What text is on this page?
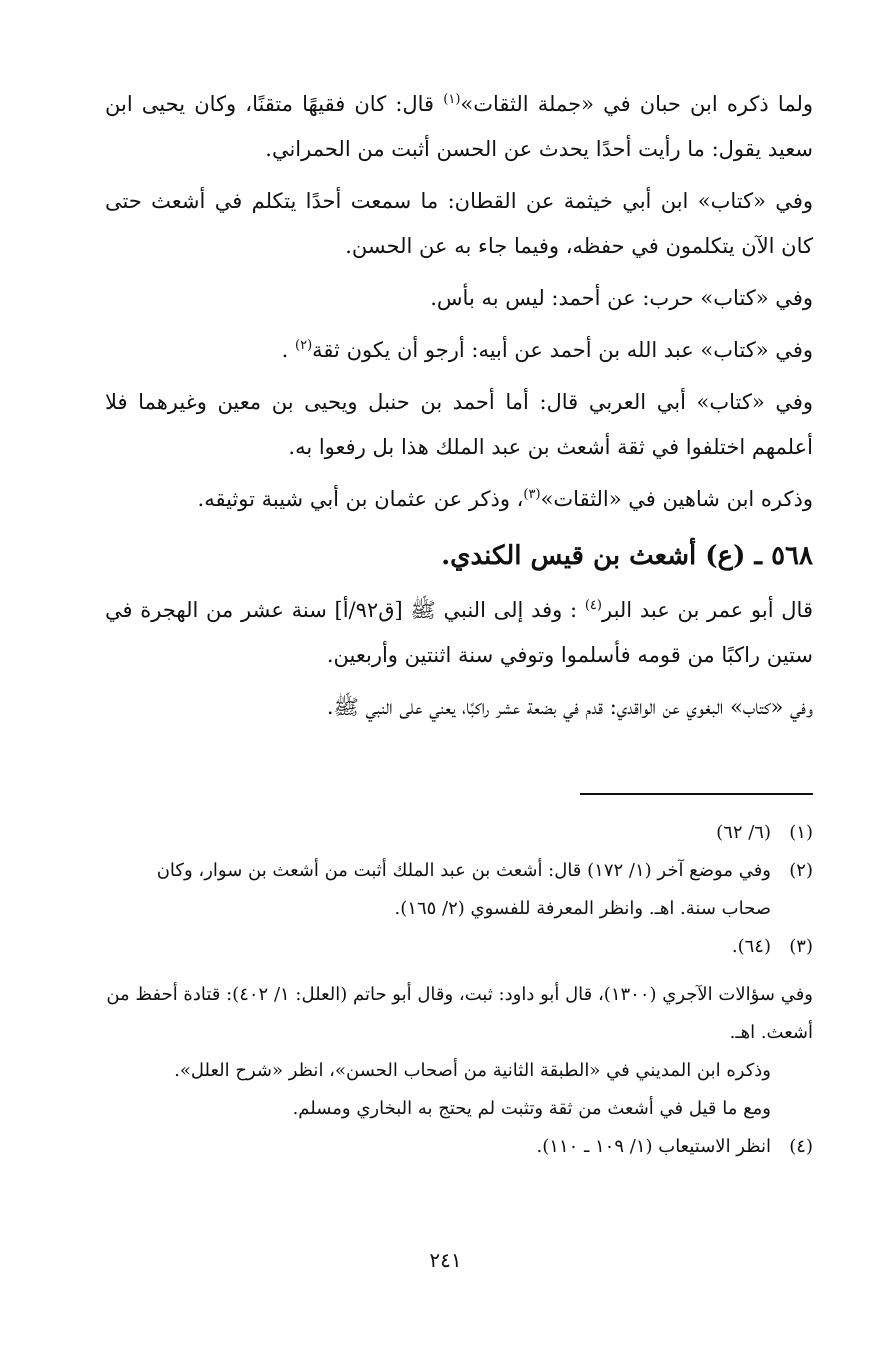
ولما ذكره ابن حبان في «جملة الثقات»$^{(١)}$ قال: كان فقيهًا متقنًا، وكان يحيى ابن سعيد يقول: ما رأيت أحدًا يحدث عن الحسن أثبت من الحمراني.

وفي «كتاب» ابن أبي خيثمة عن القطان: ما سمعت أحدًا يتكلم في أشعث حتى كان الآن يتكلمون في حفظه، وفيما جاء به عن الحسن.

وفي «كتاب» حرب: عن أحمد: ليس به بأس.

وفي «كتاب» عبد الله بن أحمد عن أبيه: أرجو أن يكون ثقة$^{(٢)}$ .

وفي «كتاب» أبي العربي قال: أما أحمد بن حنبل ويحيى بن معين وغيرهما فلا أعلمهم اختلفوا في ثقة أشعث بن عبد الملك هذا بل رفعوا به.

وذكره ابن شاهين في «الثقات»$^{(٣)}$، وذكر عن عثمان بن أبي شيبة توثيقه.

٥٦٨ ـ (ع) أشعث بن قيس الكندي.

قال أبو عمر بن عبد البر$^{(٤)}$ : وفد إلى النبي ﷺ [ق٩٢/أ] سنة عشر من الهجرة في ستين راكبًا من قومه فأسلموا وتوفي سنة اثنتين وأربعين.

وفي «كتاب» البغوي عن الواقدي: قدم في بضعة عشر راكبًا، يعني على النبي ﷺ.

(١)
(٦/ ٦٢)
(٢)
وفي موضع آخر (١/ ١٧٢) قال: أشعث بن عبد الملك أثبت من أشعث بن سوار، وكان صحاب سنة. اهـ. وانظر المعرفة للفسوي (٢/ ١٦٥).
(٣)
(٦٤).
وفي سؤالات الآجري (١٣٠٠)، قال أبو داود: ثبت، وقال أبو حاتم (العلل: ١/ ٤٠٢): قتادة أحفظ من أشعث. اهـ.
وذكره ابن المديني في «الطبقة الثانية من أصحاب الحسن»، انظر «شرح العلل».
ومع ما قيل في أشعث من ثقة وتثبت لم يحتج به البخاري ومسلم.
(٤)
انظر الاستيعاب (١/ ١٠٩ ـ ١١٠).
٢٤١
